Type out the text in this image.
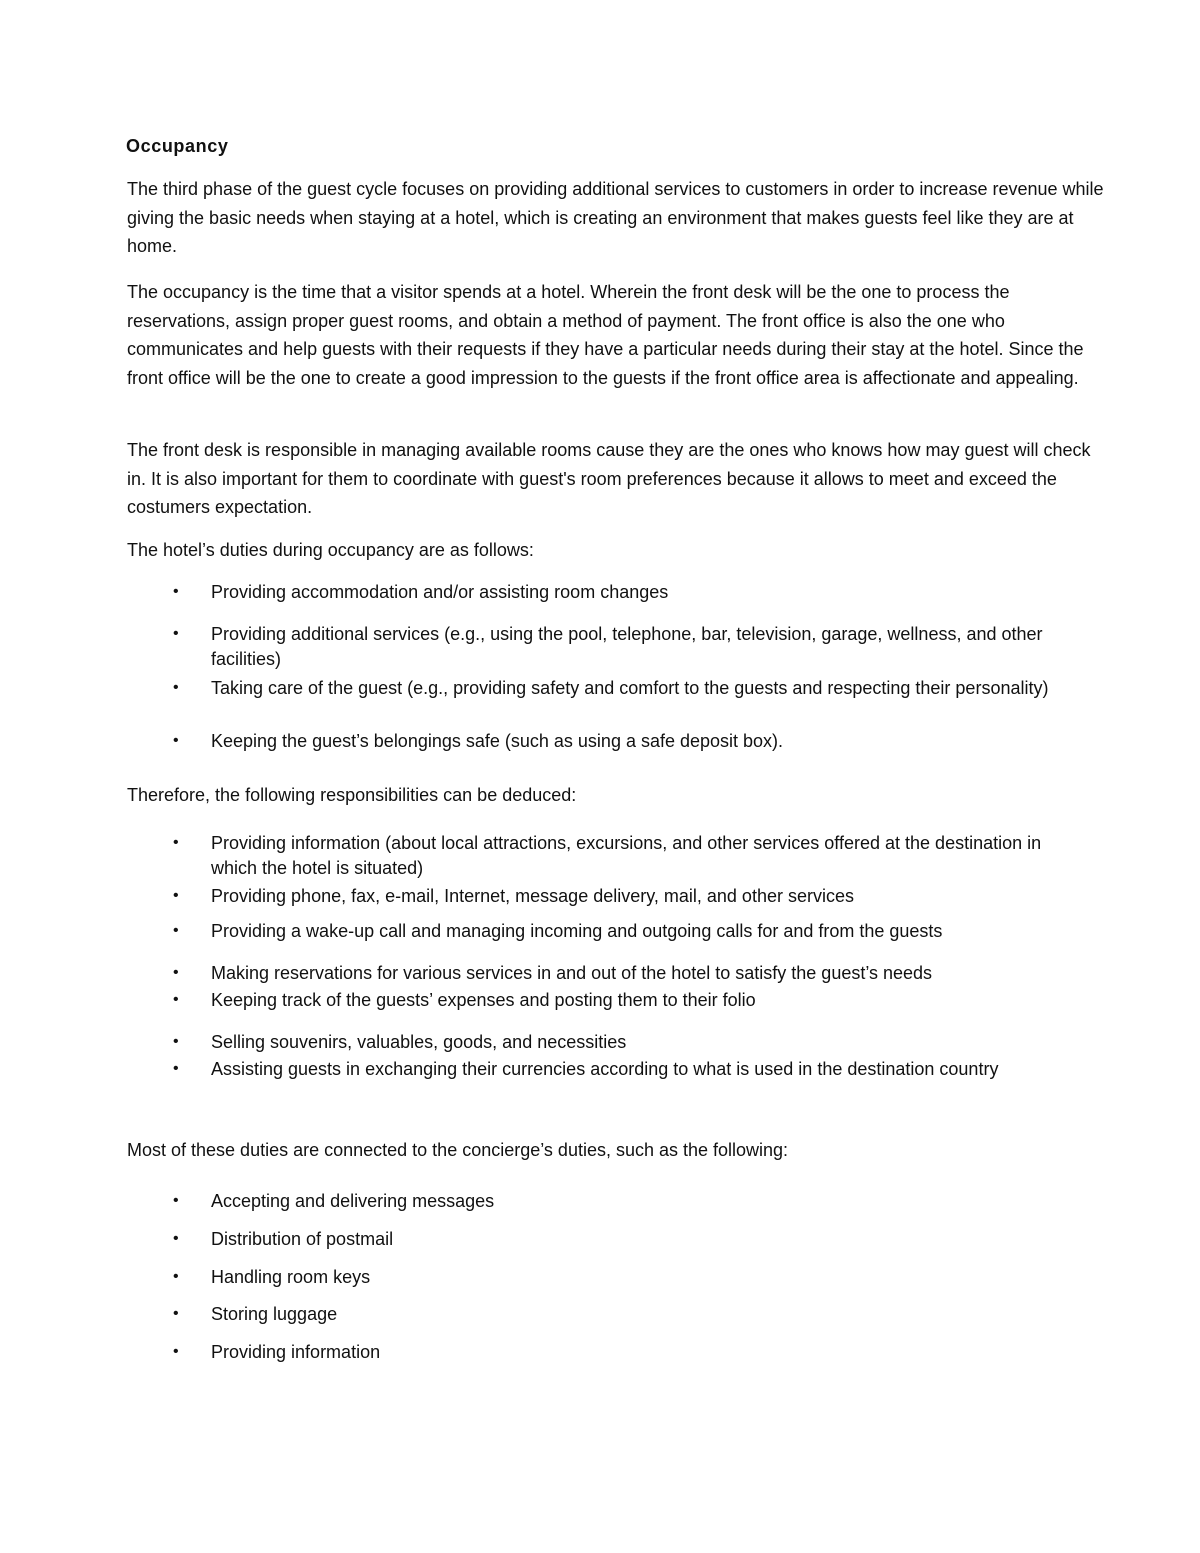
Occupancy

The third phase of the guest cycle focuses on providing additional services to customers in order to increase revenue while giving the basic needs when staying at a hotel, which is creating an environment that makes guests feel like they are at home.

The occupancy is the time that a visitor spends at a hotel. Wherein the front desk will be the one to process the reservations, assign proper guest rooms, and obtain a method of payment. The front office is also the one who communicates and help guests with their requests if they have a particular needs during their stay at the hotel. Since the front office will be the one to create a good impression to the guests if the front office area is affectionate and appealing.

The front desk is responsible in managing available rooms cause they are the ones who knows how may guest will check in. It is also important for them to coordinate with guest's room preferences because it allows to meet and exceed the costumers expectation.

The hotel’s duties during occupancy are as follows:

• Providing accommodation and/or assisting room changes
• Providing additional services (e.g., using the pool, telephone, bar, television, garage, wellness, and other facilities)
• Taking care of the guest (e.g., providing safety and comfort to the guests and respecting their personality)
• Keeping the guest’s belongings safe (such as using a safe deposit box).

Therefore, the following responsibilities can be deduced:

• Providing information (about local attractions, excursions, and other services offered at the destination in which the hotel is situated)
• Providing phone, fax, e-mail, Internet, message delivery, mail, and other services
• Providing a wake-up call and managing incoming and outgoing calls for and from the guests
• Making reservations for various services in and out of the hotel to satisfy the guest’s needs
• Keeping track of the guests’ expenses and posting them to their folio
• Selling souvenirs, valuables, goods, and necessities
• Assisting guests in exchanging their currencies according to what is used in the destination country

Most of these duties are connected to the concierge’s duties, such as the following:

• Accepting and delivering messages
• Distribution of postmail
• Handling room keys
• Storing luggage
• Providing information
